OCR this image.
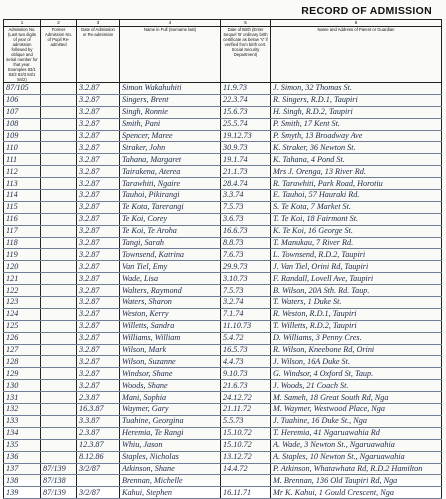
RECORD OF ADMISSION
1	2	3	4	5	6
Admission No. (Last two digits of year of admission followed by oblique and serial number for that year. Examples 83/1 83/2 83/3 84/1 84/2)	Former Admission No. of Pupil Re-admitted	Date of Admission or Re-admission	Name in Full (Surname last)	Date of Birth (Enter Sequel 'B' ordinary birth certificate as below 'V' if verified from birth cert. Social Security Department)	Name and Address of Parent or Guardian
87/105		3.2.87	Simon Wakahuhiti	11.9.73	J. Simon, 32 Thomas St.
106		3.2.87	Singers, Brent	22.3.74	R. Singers, R.D.1, Taupiri
107		3.2.87	Singh, Ronnie	15.6.73	H. Singh, R.D.2, Taupiri
108		3.2.87	Smith, Pani	25.5.74	P. Smith, 17 Kent St.
109		3.2.87	Spencer, Maree	19.12.73	P. Smyth, 13 Broadway Ave
110		3.2.87	Straker, John	30.9.73	K. Straker, 36 Newton St.
111		3.2.87	Tahana, Margaret	19.1.74	K. Tahana, 4 Pond St.
112		3.2.87	Tairakena, Aterea	21.1.73	Mrs J. Orenga, 13 River Rd.
113		3.2.87	Tarawhiti, Ngaire	28.4.74	R. Tarawhiti, Park Road, Horotiu
114		3.2.87	Tauhoi, Pikirangi	3.3.74	E. Tauhoi, 57 Hauraki Rd.
115		3.2.87	Te Kota, Tarerangi	7.5.73	S. Te Kota, 7 Market St.
116		3.2.87	Te Koi, Corey	3.6.73	T. Te Koi, 18 Fairmont St.
117		3.2.87	Te Koi, Te Aroha	16.6.73	K. Te Koi, 16 George St.
118		3.2.87	Tangi, Sarah	8.8.73	T. Manukau, 7 River Rd.
119		3.2.87	Townsend, Katrina	7.6.73	L. Townsend, R.D.2, Taupiri
120		3.2.87	Van Tiel, Emy	29.9.73	J. Van Tiel, Orini Rd, Taupiri
121		3.2.87	Wade, Lisa	3.10.73	F. Randall, Lovell Ave, Taupiri
122		3.2.87	Walters, Raymond	7.5.73	B. Wilson, 20A Sth. Rd. Taup.
123		3.2.87	Waters, Sharon	3.2.74	T. Waters, 1 Duke St.
124		3.2.87	Weston, Kerry	7.1.74	R. Weston, R.D.1, Taupiri
125		3.2.87	Willetts, Sandra	11.10.73	T. Willetts, R.D.2, Taupiri
126		3.2.87	Williams, William	5.4.72	D. Williams, 3 Penny Cres.
127		3.2.87	Wilson, Mark	16.5.73	R. Wilson, Kneebone Rd, Orini
128		3.2.87	Wilson, Suzanne	4.4.73	J. Wilson, 16A Duke St.
129		3.2.87	Windsor, Shane	9.10.73	G. Windsor, 4 Oxford St, Taup.
130		3.2.87	Woods, Shane	21.6.73	J. Woods, 21 Coach St.
131		2.3.87	Mani, Sophia	24.12.72	M. Sameh, 18 Great South Rd, Nga
132		16.3.87	Waymer, Gary	21.11.72	M. Waymer, Westwood Place, Nga
133		3.3.87	Tuahine, Georgina	5.5.73	J. Tuahine, 16 Duke St., Nga
134		2.3.87	Heremia, Te Rangi	15.10.72	T. Heremia, 41 Ngaruawahia Rd
135		12.3.87	Whiu, Jason	15.10.72	A. Wade, 3 Newton St., Ngaruawahia
136		8.12.86	Staples, Nicholas	13.12.72	A. Staples, 10 Newton St., Ngaruawahia
137	87/139	3/2/87	Atkinson, Shane	14.4.72	P. Atkinson, Whatawhata Rd, R.D.2 Hamilton
138	87/138		Brennan, Michelle		M. Brennan, 136 Old Taupiri Rd, Nga
139	87/139	3/2/87	Kahui, Stephen	16.11.71	Mr K. Kahui, 1 Gould Crescent, Nga
